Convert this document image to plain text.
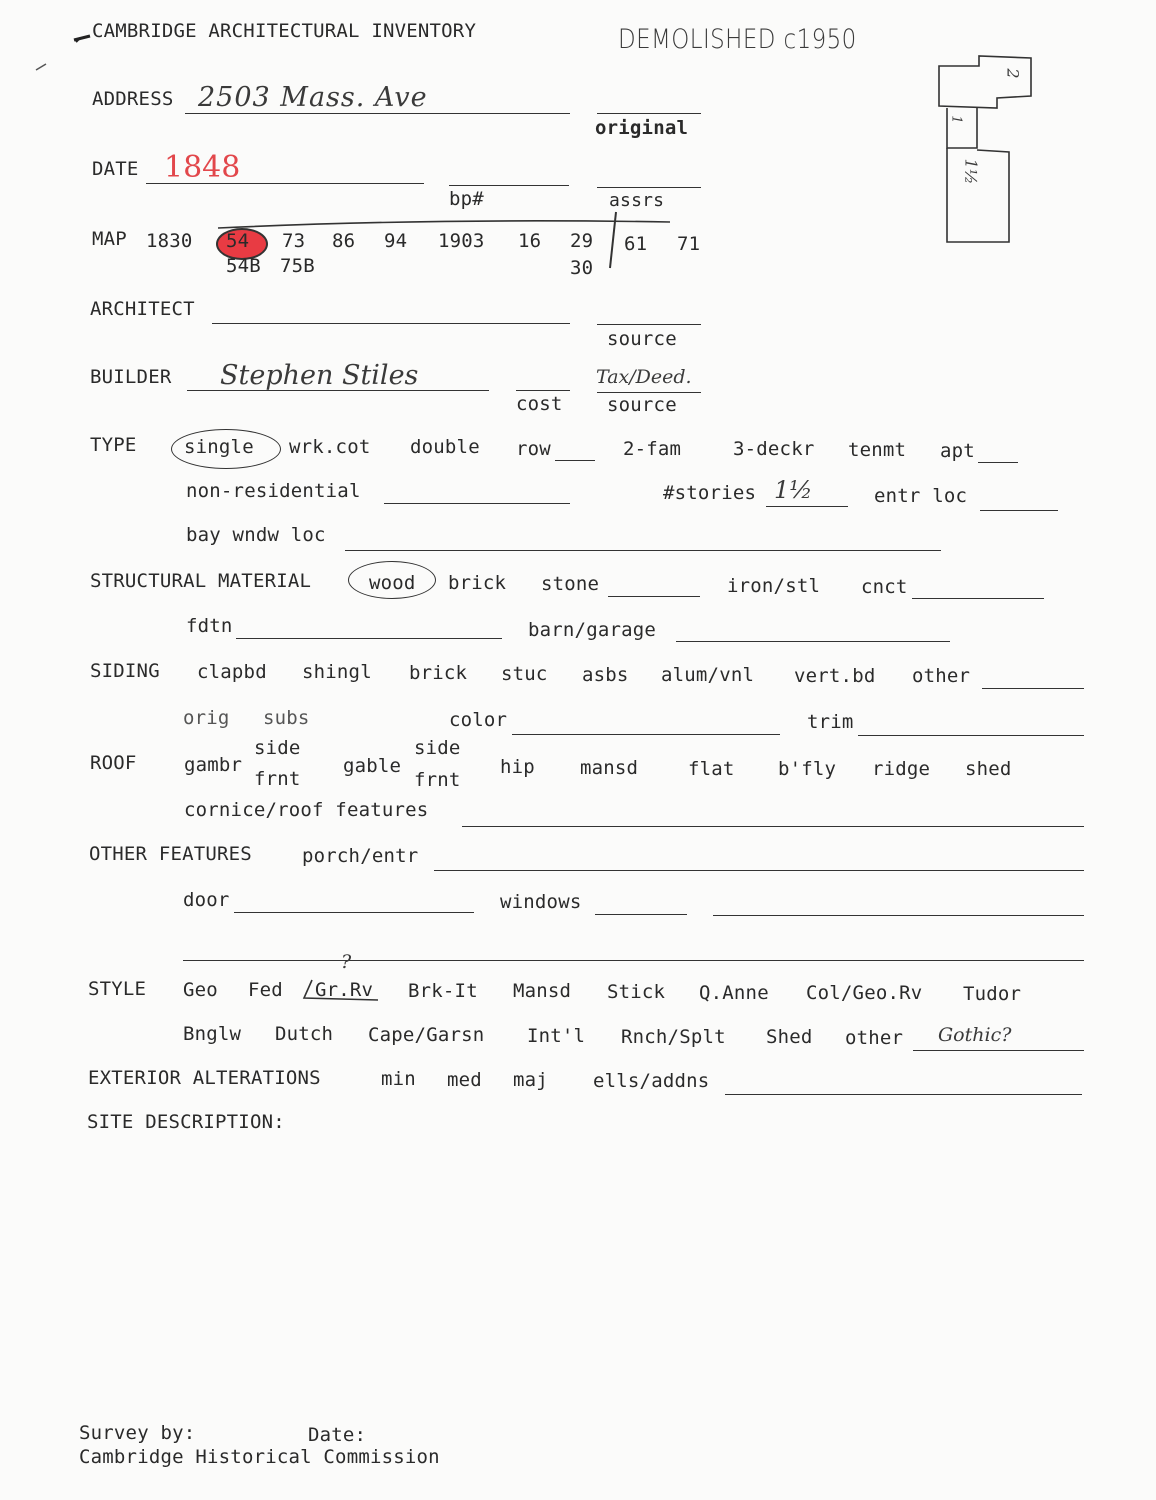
CAMBRIDGE ARCHITECTURAL INVENTORY	DEMOLISHED c1950
2
1
1½
ADDRESS 2503 Mass. Ave
original
DATE 1848
bp#	assrs
MAP 1830 54 73 86 94 1903 16 29 61 71
54B 75B	30
ARCHITECT
source
BUILDER Stephen Stiles
cost
Tax/Deed.
source
TYPE single wrk.cot double row	2-fam	3-deckr tenmt apt
non-residential	#stories 1½	entr loc
bay wndw loc
STRUCTURAL MATERIAL	wood brick stone	iron/stl cnct
fdtn	barn/garage
SIDING clapbd shingl brick stuc asbs alum/vnl vert.bd other
orig subs	color	trim
ROOF gambr
side
frnt
gable
side
frnt
hip mansd	flat b'fly ridge shed
cornice/roof features
OTHER FEATURES	porch/entr
door	windows
STYLE Geo Fed
?
Gr.Rv Brk-It Mansd Stick Q.Anne Col/Geo.Rv Tudor
Bnglw Dutch Cape/Garsn Int'l Rnch/Splt Shed other Gothic?
EXTERIOR ALTERATIONS	min med maj ells/addns
SITE DESCRIPTION:
Survey by:	Date:
Cambridge Historical Commission
